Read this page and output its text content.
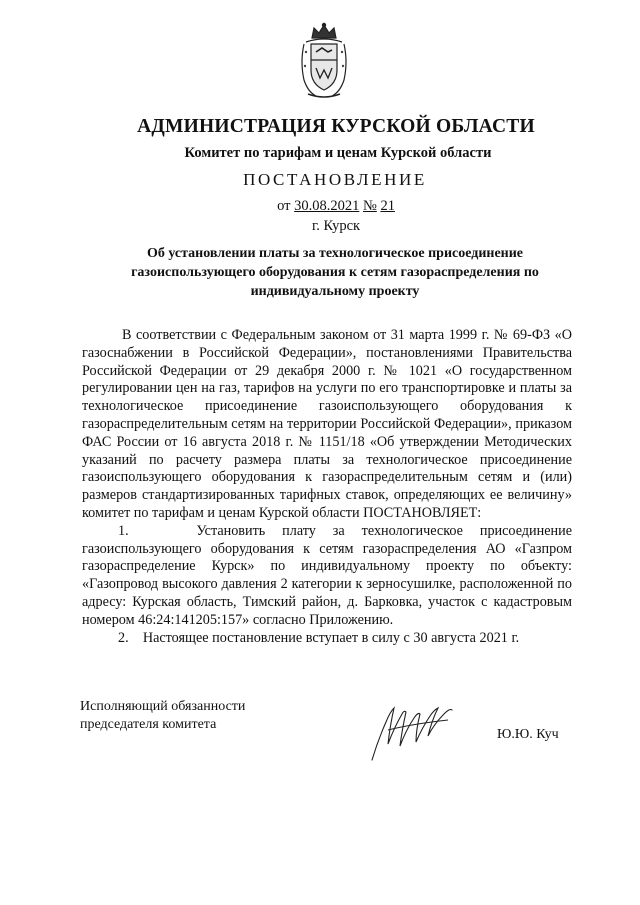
АДМИНИСТРАЦИЯ КУРСКОЙ ОБЛАСТИ
Комитет по тарифам и ценам Курской области
ПОСТАНОВЛЕНИЕ
от 30.08.2021 № 21
г. Курск
Об установлении платы за технологическое присоединение
газоиспользующего оборудования к сетям газораспределения по
индивидуальному проекту

В соответствии с Федеральным законом от 31 марта 1999 г. № 69-ФЗ «О газоснабжении в Российской Федерации», постановлениями Правительства Российской Федерации от 29 декабря 2000 г. № 1021 «О государственном регулировании цен на газ, тарифов на услуги по его транспортировке и платы за технологическое присоединение газоиспользующего оборудования к газораспределительным сетям на территории Российской Федерации», приказом ФАС России от 16 августа 2018 г. № 1151/18 «Об утверждении Методических указаний по расчету размера платы за технологическое присоединение газоиспользующего оборудования к газораспределительным сетям и (или) размеров стандартизированных тарифных ставок, определяющих ее величину» комитет по тарифам и ценам Курской области ПОСТАНОВЛЯЕТ:

1.    Установить плату за технологическое присоединение газоиспользующего оборудования к сетям газораспределения АО «Газпром газораспределение Курск» по индивидуальному проекту по объекту: «Газопровод высокого давления 2 категории к зерносушилке, расположенной по адресу: Курская область, Тимский район, д. Барковка, участок с кадастровым номером 46:24:141205:157» согласно Приложению.

2.    Настоящее постановление вступает в силу с 30 августа 2021 г.

Исполняющий обязанности
председателя комитета
Ю.Ю. Куч
